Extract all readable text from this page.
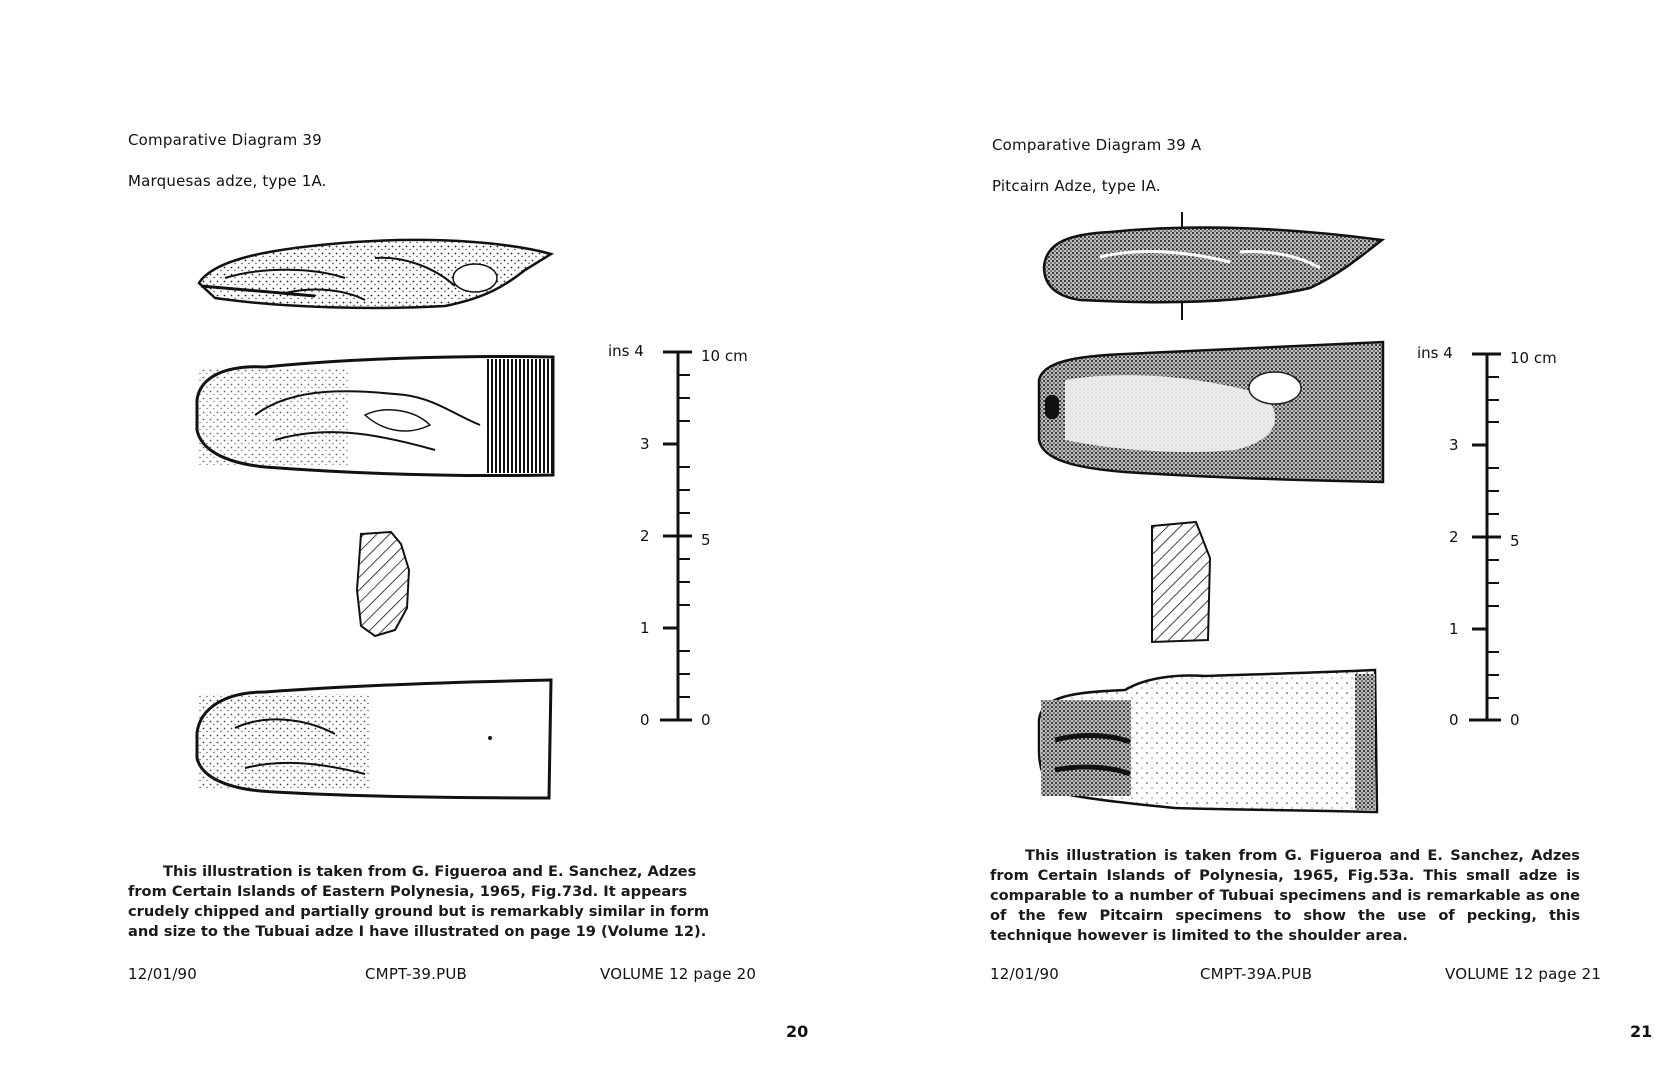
Comparative Diagram 39
Marquesas adze, type 1A.
ins 4	10 cm
3
2
1
0
5
0

This illustration is taken from G. Figueroa and E. Sanchez, Adzes from Certain Islands of Eastern Polynesia, 1965, Fig.73d. It appears crudely chipped and partially ground but is remarkably similar in form and size to the Tubuai adze I have illustrated on page 19 (Volume 12).

12/01/90	CMPT-39.PUB	VOLUME 12 page 20
20
Comparative Diagram 39 A
Pitcairn Adze, type IA.
ins 4	10 cm
3
2
1
0
5
0

This illustration is taken from G. Figueroa and E. Sanchez, Adzes from Certain Islands of Polynesia, 1965, Fig.53a. This small adze is comparable to a number of Tubuai specimens and is remarkable as one of the few Pitcairn specimens to show the use of pecking, this technique however is limited to the shoulder area.

12/01/90	CMPT-39A.PUB	VOLUME 12 page 21
21
